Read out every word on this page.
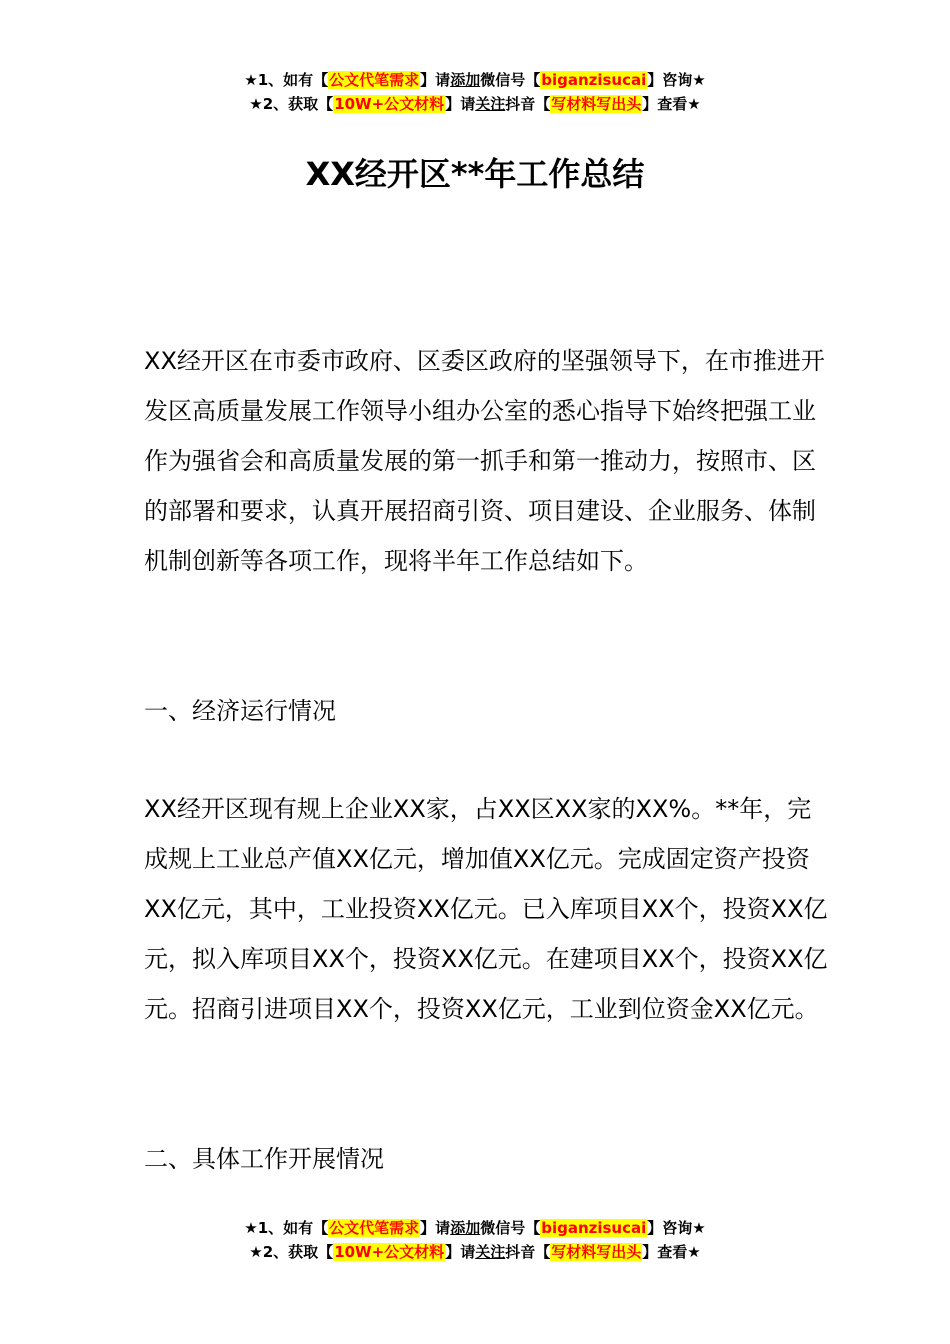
★1、如有【公文代笔需求】请添加微信号【biganzisucai】咨询★
★2、获取【10W+公文材料】请关注抖音【写材料写出头】查看★
XX经开区**年工作总结

XX经开区在市委市政府、区委区政府的坚强领导下，在市推进开发区高质量发展工作领导小组办公室的悉心指导下始终把强工业作为强省会和高质量发展的第一抓手和第一推动力，按照市、区的部署和要求，认真开展招商引资、项目建设、企业服务、体制机制创新等各项工作，现将半年工作总结如下。

一、经济运行情况

XX经开区现有规上企业XX家，占XX区XX家的XX%。**年，完成规上工业总产值XX亿元，增加值XX亿元。完成固定资产投资XX亿元，其中，工业投资XX亿元。已入库项目XX个，投资XX亿元，拟入库项目XX个，投资XX亿元。在建项目XX个，投资XX亿元。招商引进项目XX个，投资XX亿元，工业到位资金XX亿元。

二、具体工作开展情况

★1、如有【公文代笔需求】请添加微信号【biganzisucai】咨询★
★2、获取【10W+公文材料】请关注抖音【写材料写出头】查看★
